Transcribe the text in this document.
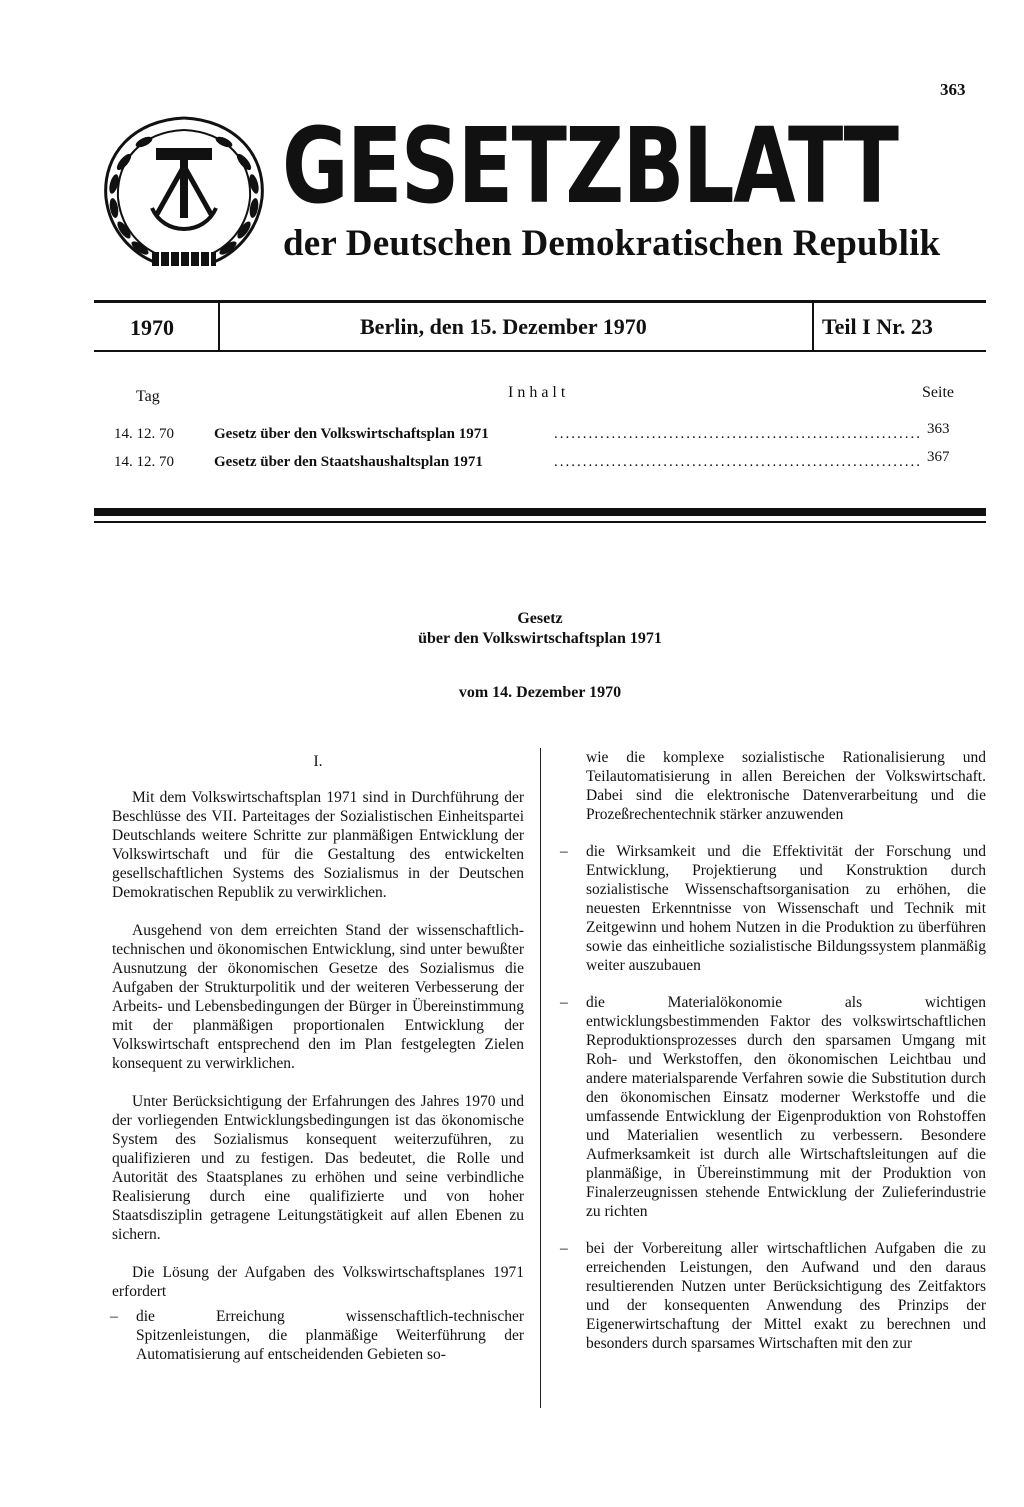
363
GESETZBLATT
der Deutschen Demokratischen Republik
1970	Berlin, den 15. Dezember 1970	Teil I Nr. 23
Tag	Inhalt	Seite
14. 12. 70	Gesetz über den Volkswirtschaftsplan 1971	................................................................ 363
14. 12. 70	Gesetz über den Staatshaushaltsplan 1971	................................................................ 367
Gesetz
über den Volkswirtschaftsplan 1971
vom 14. Dezember 1970
I.

Mit dem Volkswirtschaftsplan 1971 sind in Durchführung der Beschlüsse des VII. Parteitages der Sozialistischen Einheitspartei Deutschlands weitere Schritte zur planmäßigen Entwicklung der Volkswirtschaft und für die Gestaltung des entwickelten gesellschaftlichen Systems des Sozialismus in der Deutschen Demokratischen Republik zu verwirklichen.

Ausgehend von dem erreichten Stand der wissenschaftlich-technischen und ökonomischen Entwicklung, sind unter bewußter Ausnutzung der ökonomischen Gesetze des Sozialismus die Aufgaben der Strukturpolitik und der weiteren Verbesserung der Arbeits- und Lebensbedingungen der Bürger in Übereinstimmung mit der planmäßigen proportionalen Entwicklung der Volkswirtschaft entsprechend den im Plan festgelegten Zielen konsequent zu verwirklichen.

Unter Berücksichtigung der Erfahrungen des Jahres 1970 und der vorliegenden Entwicklungsbedingungen ist das ökonomische System des Sozialismus konsequent weiterzuführen, zu qualifizieren und zu festigen. Das bedeutet, die Rolle und Autorität des Staatsplanes zu erhöhen und seine verbindliche Realisierung durch eine qualifizierte und von hoher Staatsdisziplin getragene Leitungstätigkeit auf allen Ebenen zu sichern.

Die Lösung der Aufgaben des Volkswirtschaftsplanes 1971 erfordert

– die Erreichung wissenschaftlich-technischer Spitzenleistungen, die planmäßige Weiterführung der Automatisierung auf entscheidenden Gebieten so-
wie die komplexe sozialistische Rationalisierung und Teilautomatisierung in allen Bereichen der Volkswirtschaft. Dabei sind die elektronische Datenverarbeitung und die Prozeßrechentechnik stärker anzuwenden
– die Wirksamkeit und die Effektivität der Forschung und Entwicklung, Projektierung und Konstruktion durch sozialistische Wissenschaftsorganisation zu erhöhen, die neuesten Erkenntnisse von Wissenschaft und Technik mit Zeitgewinn und hohem Nutzen in die Produktion zu überführen sowie das einheitliche sozialistische Bildungssystem planmäßig weiter auszubauen
– die Materialökonomie als wichtigen entwicklungsbestimmenden Faktor des volkswirtschaftlichen Reproduktionsprozesses durch den sparsamen Umgang mit Roh- und Werkstoffen, den ökonomischen Leichtbau und andere materialsparende Verfahren sowie die Substitution durch den ökonomischen Einsatz moderner Werkstoffe und die umfassende Entwicklung der Eigenproduktion von Rohstoffen und Materialien wesentlich zu verbessern. Besondere Aufmerksamkeit ist durch alle Wirtschaftsleitungen auf die planmäßige, in Übereinstimmung mit der Produktion von Finalerzeugnissen stehende Entwicklung der Zulieferindustrie zu richten
– bei der Vorbereitung aller wirtschaftlichen Aufgaben die zu erreichenden Leistungen, den Aufwand und den daraus resultierenden Nutzen unter Berücksichtigung des Zeitfaktors und der konsequenten Anwendung des Prinzips der Eigenerwirtschaftung der Mittel exakt zu berechnen und besonders durch sparsames Wirtschaften mit den zur
